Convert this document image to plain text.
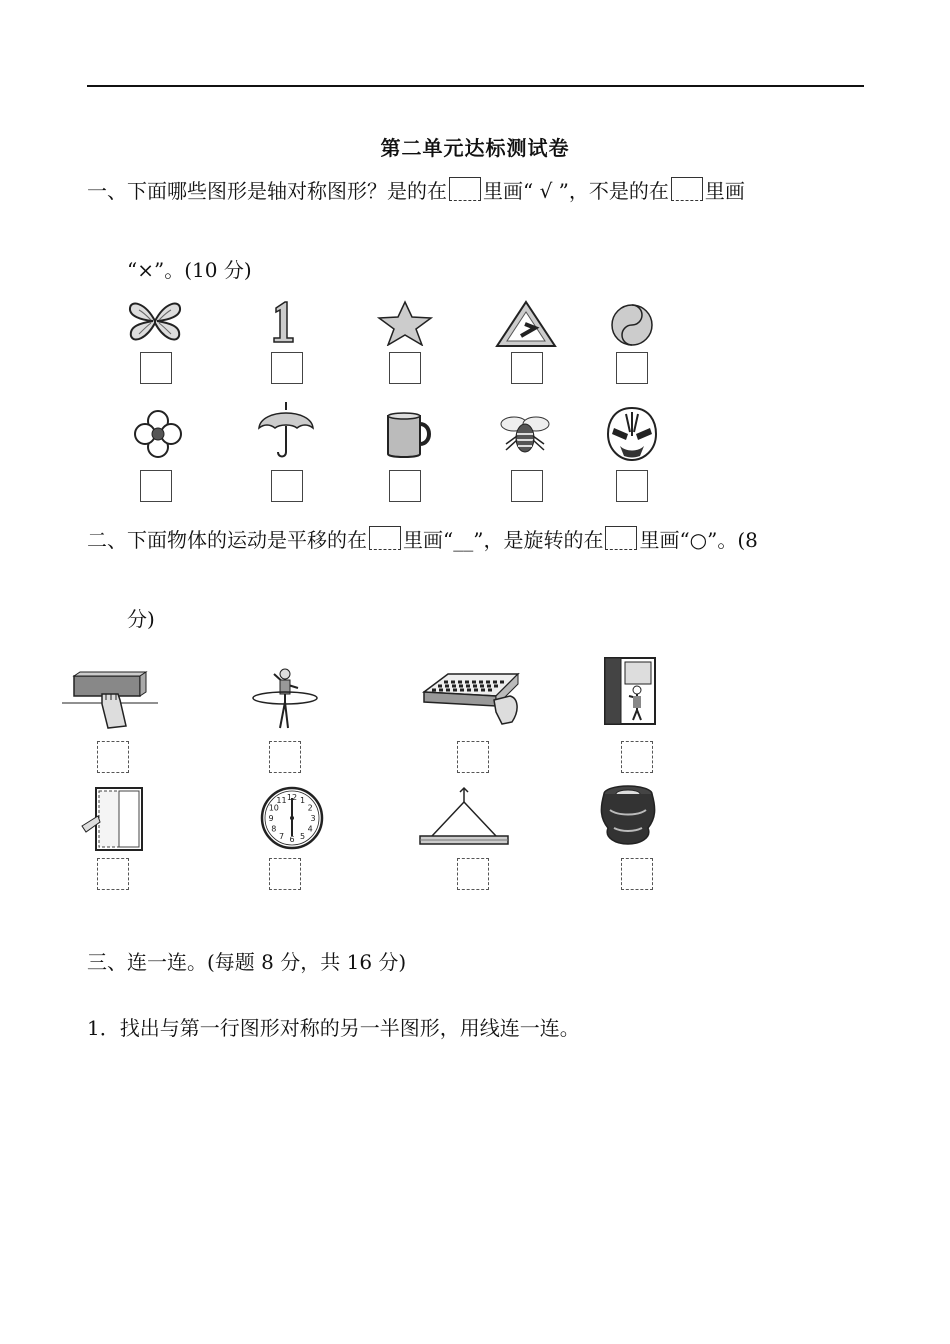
第二单元达标测试卷
一、下面哪些图形是轴对称图形？是的在 里画“ √ ”，不是的在 里画
“×”。(10 分)
二、下面物体的运动是平移的在 里画“__”，是旋转的在 里画“○”。(8
分)
12 1
2
3
4
5
6
7
8
9
10
11
三、连一连。(每题 8 分，共 16 分)
1．找出与第一行图形对称的另一半图形，用线连一连。
